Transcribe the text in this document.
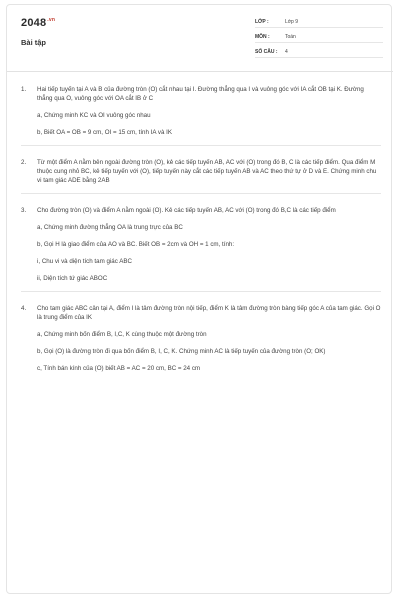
$2048^{.vn}$
Bài tập
LỚP :	Lớp 9
MÔN :	Toán
SỐ CÂU : 4
1. Hai tiếp tuyến tại A và B của đường tròn (O) cắt nhau tại I. Đường thẳng qua I và vuông góc với IA cắt OB tại K. Đường thẳng qua O, vuông góc với OA cắt IB ở C

a, Chứng minh KC và OI vuông góc nhau

b, Biết OA = OB = 9 cm, OI = 15 cm, tính IA và IK

2. Từ một điểm A nằm bên ngoài đường tròn (O), kẻ các tiếp tuyến AB, AC với (O) trong đó B, C là các tiếp điểm. Qua điểm M thuộc cung nhỏ BC, kẻ tiếp tuyến với (O), tiếp tuyến này cắt các tiếp tuyến AB và AC theo thứ tự ở D và E. Chứng minh chu vi tam giác ADE bằng 2AB

3. Cho đường tròn (O) và điểm A nằm ngoài (O). Kẻ các tiếp tuyến AB, AC với (O) trong đó B,C là các tiếp điểm

a, Chứng minh đường thẳng OA là trung trực của BC

b, Gọi H là giao điểm của AO và BC. Biết OB = 2cm và OH = 1 cm, tính:

i, Chu vi và diện tích tam giác ABC

ii, Diện tích tứ giác ABOC

4. Cho tam giác ABC cân tại A, điểm I là tâm đường tròn nội tiếp, điểm K là tâm đường tròn bàng tiếp góc A của tam giác. Gọi O là trung điểm của IK

a, Chứng minh bốn điểm B, I,C, K cùng thuộc một đường tròn

b, Gọi (O) là đường tròn đi qua bốn điểm B, I, C, K. Chứng minh AC là tiếp tuyến của đường tròn (O; OK)

c, Tính bán kính của (O) biết AB = AC = 20 cm, BC = 24 cm
